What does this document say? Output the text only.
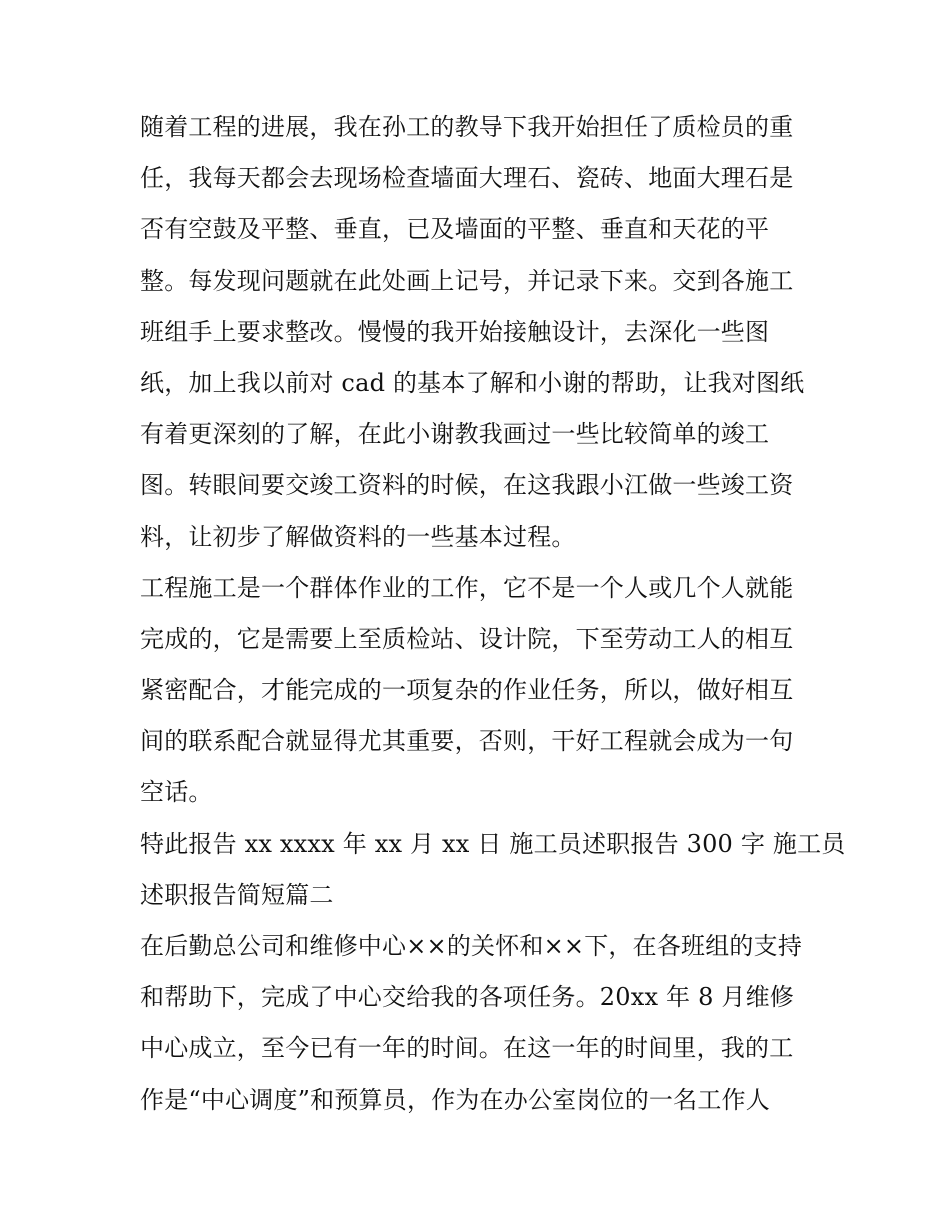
随着工程的进展，我在孙工的教导下我开始担任了质检员的重
任，我每天都会去现场检查墙面大理石、瓷砖、地面大理石是
否有空鼓及平整、垂直，已及墙面的平整、垂直和天花的平
整。每发现问题就在此处画上记号，并记录下来。交到各施工
班组手上要求整改。慢慢的我开始接触设计，去深化一些图
纸，加上我以前对 cad 的基本了解和小谢的帮助，让我对图纸
有着更深刻的了解，在此小谢教我画过一些比较简单的竣工
图。转眼间要交竣工资料的时候，在这我跟小江做一些竣工资
料，让初步了解做资料的一些基本过程。
工程施工是一个群体作业的工作，它不是一个人或几个人就能
完成的，它是需要上至质检站、设计院，下至劳动工人的相互
紧密配合，才能完成的一项复杂的作业任务，所以，做好相互
间的联系配合就显得尤其重要，否则，干好工程就会成为一句
空话。
特此报告 xx xxxx 年 xx 月 xx 日 施工员述职报告 300 字 施工员
述职报告简短篇二
在后勤总公司和维修中心××的关怀和××下，在各班组的支持
和帮助下，完成了中心交给我的各项任务。20xx 年 8 月维修
中心成立，至今已有一年的时间。在这一年的时间里，我的工
作是“中心调度”和预算员，作为在办公室岗位的一名工作人
